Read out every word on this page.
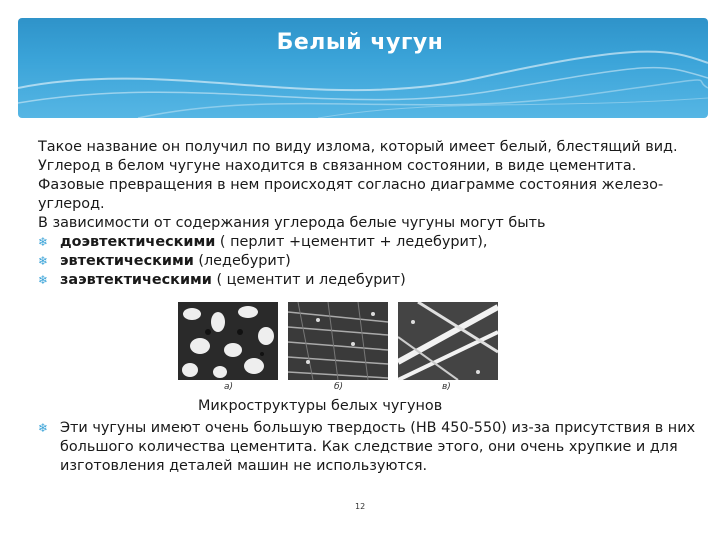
Белый чугун

Такое название он получил по виду излома, который имеет белый, блестящий вид. Углерод в белом чугуне находится в связанном состоянии, в виде цементита. Фазовые превращения в нем происходят согласно диаграмме состояния железо-углерод.

В зависимости от содержания углерода белые чугуны могут быть

❄ доэвтектическими ( перлит +цементит + ледебурит),

❄ эвтектическими (ледебурит)

❄ заэвтектическими ( цементит и ледебурит)

а)	б)	в)
Микроструктуры белых чугунов
❄ Эти чугуны имеют очень большую твердость (НВ 450-550) из-за присутствия в них большого количества цементита. Как следствие этого, они очень хрупкие и для изготовления деталей машин не используются.
12
